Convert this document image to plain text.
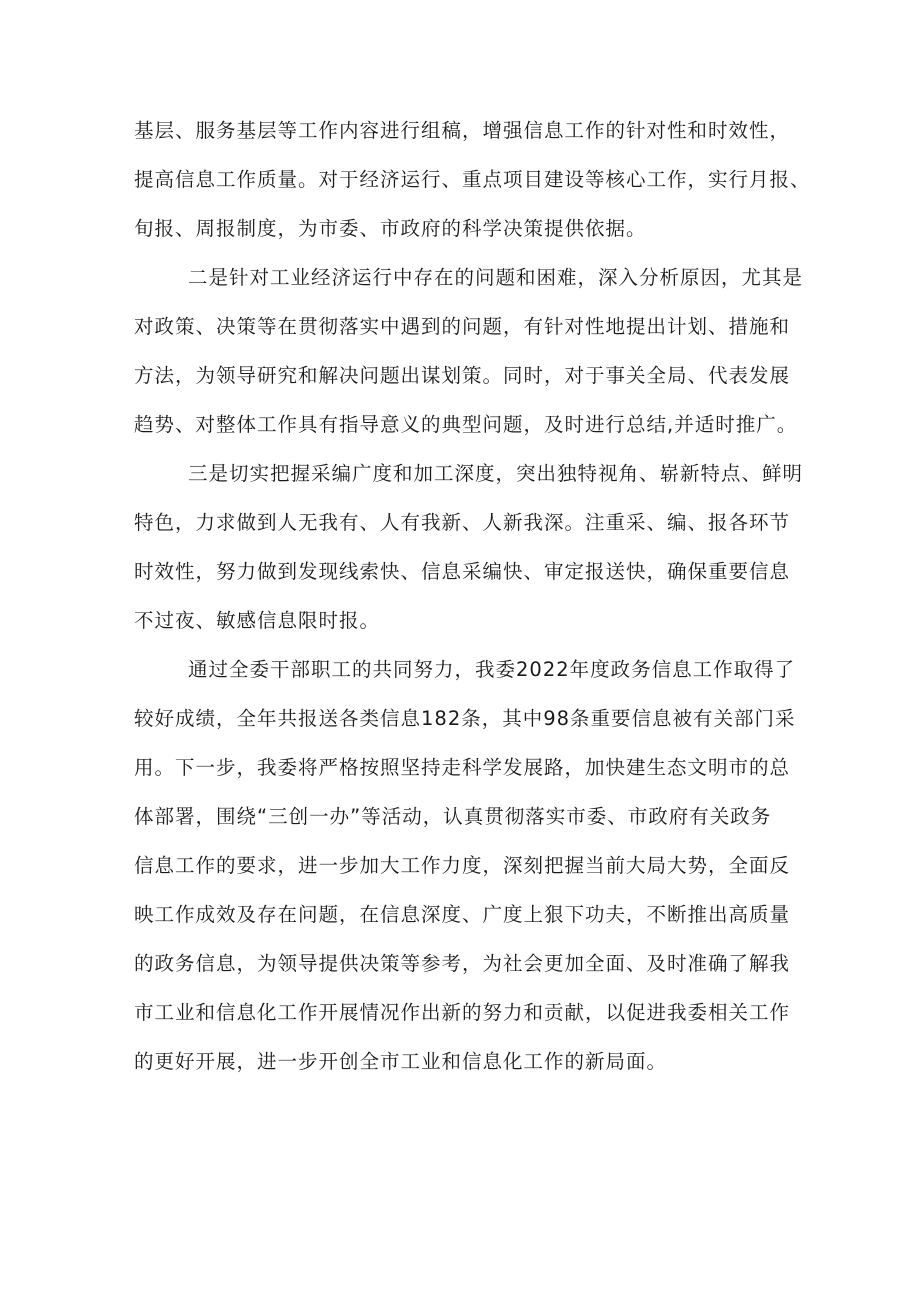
基层、服务基层等工作内容进行组稿，增强信息工作的针对性和时效性，

提高信息工作质量。对于经济运行、重点项目建设等核心工作，实行月报、

旬报、周报制度，为市委、市政府的科学决策提供依据。

二是针对工业经济运行中存在的问题和困难，深入分析原因，尤其是

对政策、决策等在贯彻落实中遇到的问题，有针对性地提出计划、措施和

方法，为领导研究和解决问题出谋划策。同时，对于事关全局、代表发展

趋势、对整体工作具有指导意义的典型问题，及时进行总结,并适时推广。

三是切实把握采编广度和加工深度，突出独特视角、崭新特点、鲜明

特色，力求做到人无我有、人有我新、人新我深。注重采、编、报各环节

时效性，努力做到发现线索快、信息采编快、审定报送快，确保重要信息

不过夜、敏感信息限时报。

通过全委干部职工的共同努力，我委2022年度政务信息工作取得了

较好成绩，全年共报送各类信息182条，其中98条重要信息被有关部门采

用。下一步，我委将严格按照坚持走科学发展路，加快建生态文明市的总

体部署，围绕“三创一办”等活动，认真贯彻落实市委、市政府有关政务

信息工作的要求，进一步加大工作力度，深刻把握当前大局大势，全面反

映工作成效及存在问题，在信息深度、广度上狠下功夫，不断推出高质量

的政务信息，为领导提供决策等参考，为社会更加全面、及时准确了解我

市工业和信息化工作开展情况作出新的努力和贡献，以促进我委相关工作

的更好开展，进一步开创全市工业和信息化工作的新局面。
